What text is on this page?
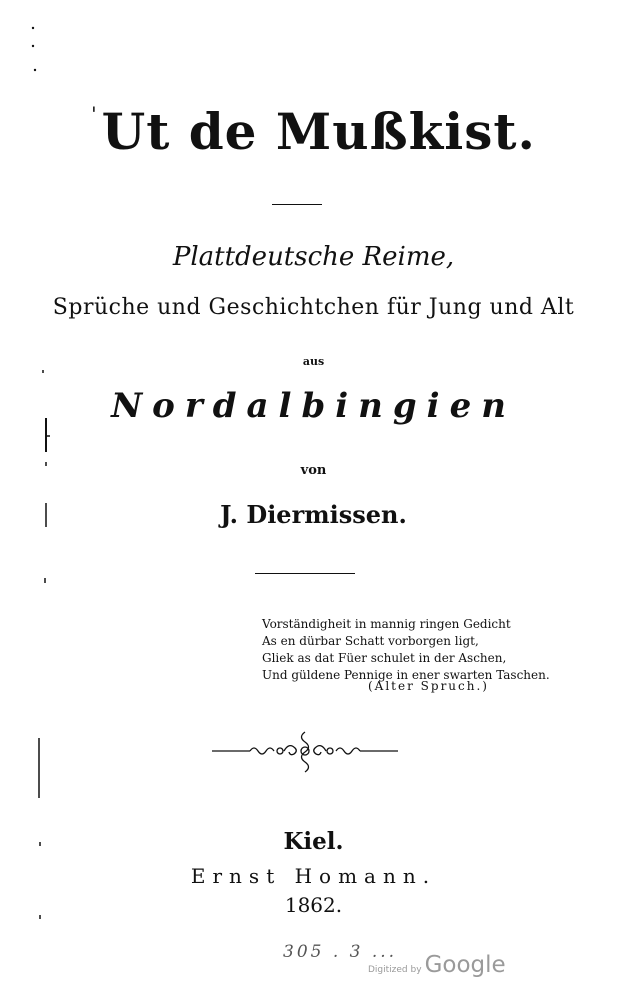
'Ut de Mußkist.
Plattdeutsche Reime,
Sprüche und Geschichtchen für Jung und Alt
aus
Nordalbingien
von
J. Diermissen.
Vorständigheit in mannig ringen Gedicht
As en dürbar Schatt vorborgen ligt,
Gliek as dat Füer schulet in der Aschen,
Und güldene Pennige in ener swarten Taschen.
(Alter Spruch.)
Kiel.
Ernst Homann.
1862.
305 . 3 ...
Digitized by Google
